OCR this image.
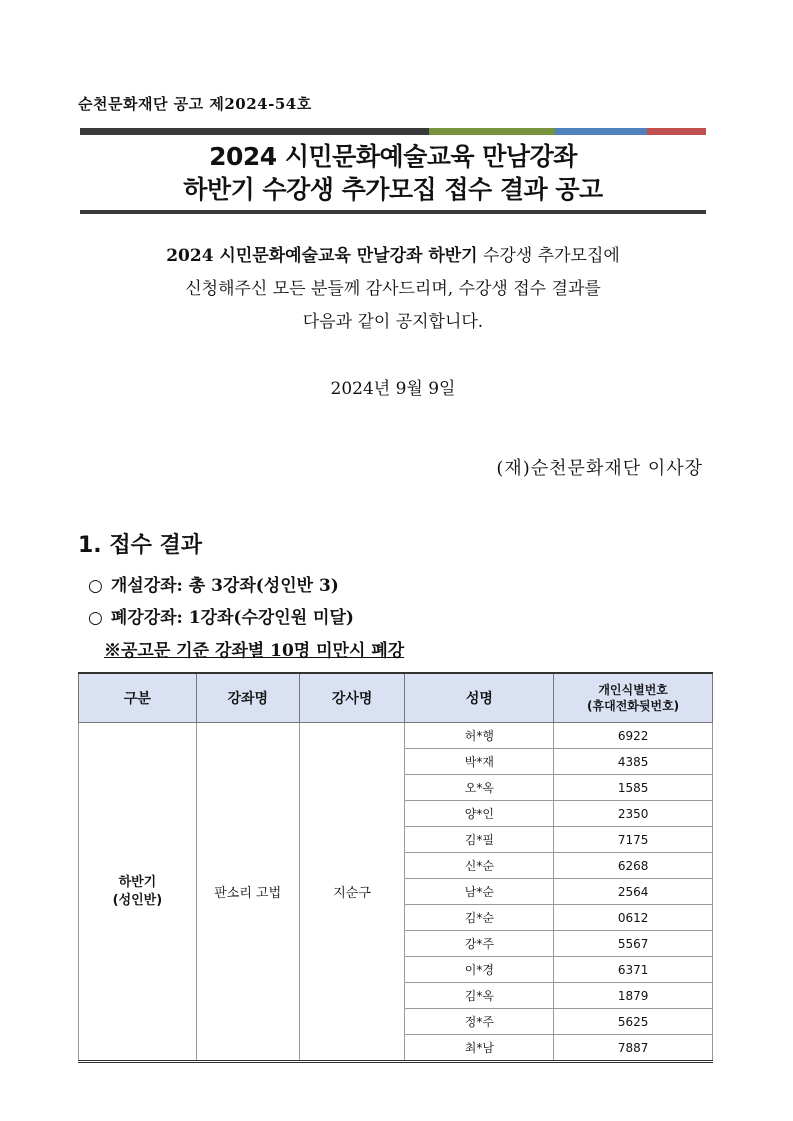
순천문화재단 공고 제2024-54호
2024 시민문화예술교육 만남강좌
하반기 수강생 추가모집 접수 결과 공고
2024 시민문화예술교육 만날강좌 하반기 수강생 추가모집에
신청해주신 모든 분들께 감사드리며, 수강생 접수 결과를
다음과 같이 공지합니다.
2024년 9월 9일
(재)순천문화재단 이사장
1. 접수 결과
○ 개설강좌: 총 3강좌(성인반 3)
○ 폐강강좌: 1강좌(수강인원 미달)
※공고문 기준 강좌별 10명 미만시 폐강
구분	강좌명	강사명	성명	개인식별번호
(휴대전화뒷번호)

하반기
(성인반)	판소리 고법	지순구	허*행	6922
			박*재	4385
			오*옥	1585
			양*인	2350
			김*필	7175
			신*순	6268
			남*순	2564
			김*순	0612
			강*주	5567
			이*경	6371
			김*옥	1879
			정*주	5625
			최*남	7887
